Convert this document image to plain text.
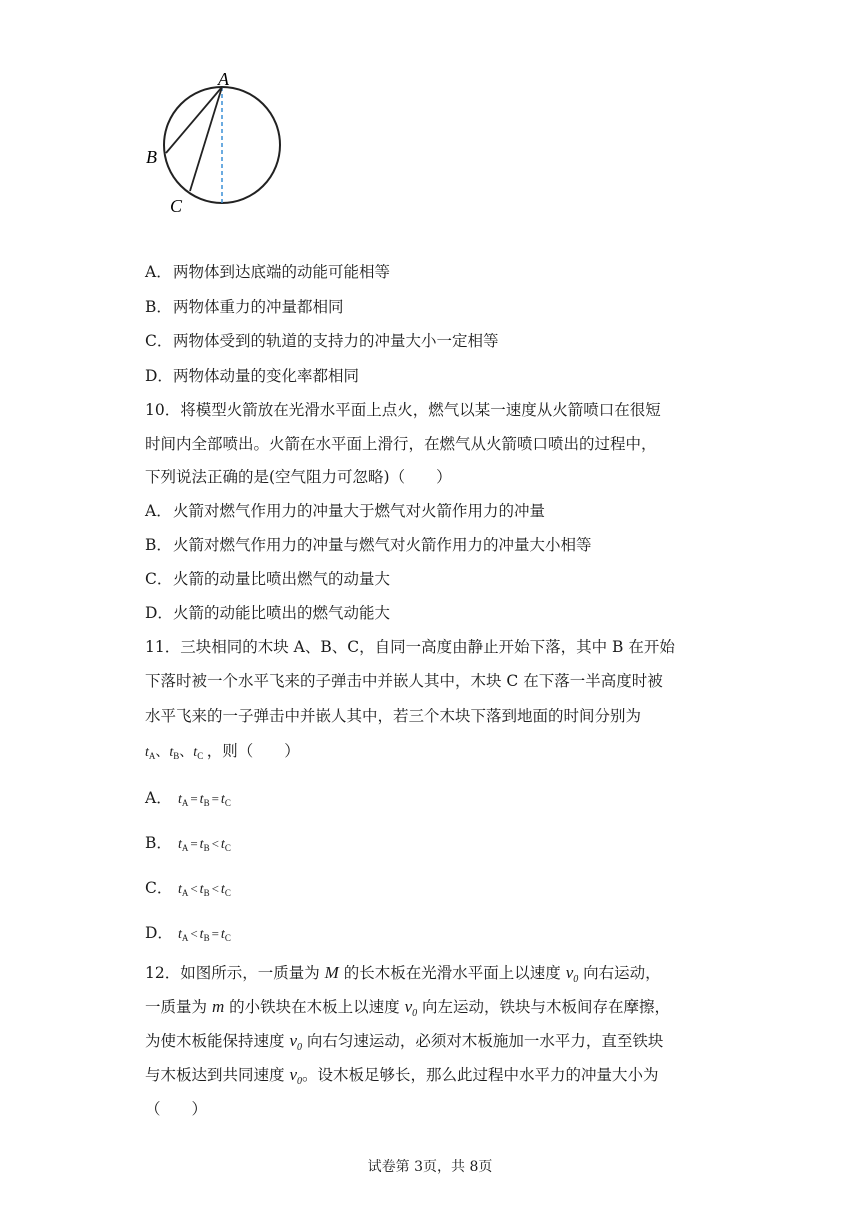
A
B
C
A．两物体到达底端的动能可能相等
B．两物体重力的冲量都相同
C．两物体受到的轨道的支持力的冲量大小一定相等
D．两物体动量的变化率都相同
10．将模型火箭放在光滑水平面上点火，燃气以某一速度从火箭喷口在很短
时间内全部喷出。火箭在水平面上滑行，在燃气从火箭喷口喷出的过程中，
下列说法正确的是(空气阻力可忽略)（　　）
A．火箭对燃气作用力的冲量大于燃气对火箭作用力的冲量
B．火箭对燃气作用力的冲量与燃气对火箭作用力的冲量大小相等
C．火箭的动量比喷出燃气的动量大
D．火箭的动能比喷出的燃气动能大
11．三块相同的木块 A、B、C，自同一高度由静止开始下落，其中 B 在开始
下落时被一个水平飞来的子弹击中并嵌人其中，木块 C 在下落一半高度时被
水平飞来的一子弹击中并嵌人其中，若三个木块下落到地面的时间分别为
$t_A$、$t_B$、$t_C$ ，则（　　）
A． $t_A = t_B = t_C$
B． $t_A = t_B < t_C$
C． $t_A < t_B < t_C$
D． $t_A < t_B = t_C$
12．如图所示，一质量为 M 的长木板在光滑水平面上以速度 $v_0$ 向右运动，
一质量为 m 的小铁块在木板上以速度 $v_0$ 向左运动，铁块与木板间存在摩擦，
为使木板能保持速度 $v_0$ 向右匀速运动，必须对木板施加一水平力，直至铁块
与木板达到共同速度 $v_0$。设木板足够长，那么此过程中水平力的冲量大小为
（　　）
试卷第 3页，共 8页
